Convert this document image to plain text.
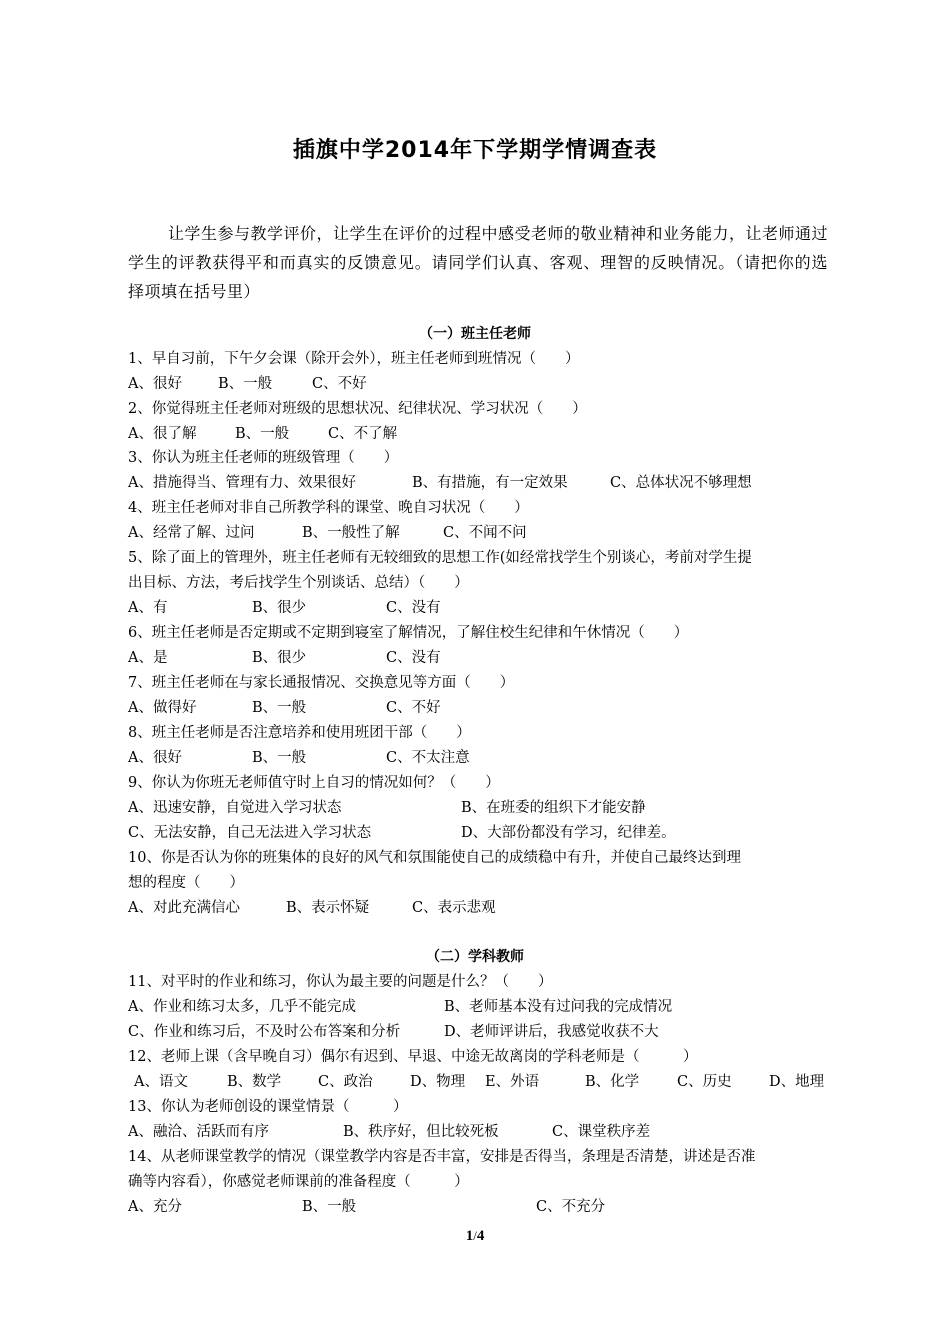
插旗中学2014年下学期学情调查表
让学生参与教学评价，让学生在评价的过程中感受老师的敬业精神和业务能力，让老师通过学生的评教获得平和而真实的反馈意见。请同学们认真、客观、理智的反映情况。（请把你的选择项填在括号里）
（一）班主任老师
1、早自习前，下午夕会课（除开会外），班主任老师到班情况（　　）
A、很好 B、一般	C、不好
2、你觉得班主任老师对班级的思想状况、纪律状况、学习状况（　　）
A、很了解	B、一般	C、不了解
3、你认为班主任老师的班级管理（　　）
A、措施得当、管理有力、效果很好	B、有措施，有一定效果	C、总体状况不够理想
4、班主任老师对非自己所教学科的课堂、晚自习状况（　　）
A、经常了解、过问	B、一般性了解	C、不闻不问
5、除了面上的管理外，班主任老师有无较细致的思想工作(如经常找学生个别谈心，考前对学生提
出目标、方法，考后找学生个别谈话、总结）（　　）
A、有	B、很少	C、没有
6、班主任老师是否定期或不定期到寝室了解情况，了解住校生纪律和午休情况（　　）
A、是	B、很少	C、没有
7、班主任老师在与家长通报情况、交换意见等方面（　　）
A、做得好	B、一般	C、不好
8、班主任老师是否注意培养和使用班团干部（　　）
A、很好	B、一般	C、不太注意
9、你认为你班无老师值守时上自习的情况如何？（　　）
A、迅速安静，自觉进入学习状态	B、在班委的组织下才能安静
C、无法安静，自己无法进入学习状态	D、大部份都没有学习，纪律差。
10、你是否认为你的班集体的良好的风气和氛围能使自己的成绩稳中有升，并使自己最终达到理
想的程度（　　）
A、对此充满信心	B、表示怀疑	C、表示悲观
（二）学科教师
11、对平时的作业和练习，你认为最主要的问题是什么？（　　）
A、作业和练习太多，几乎不能完成	B、老师基本没有过问我的完成情况
C、作业和练习后，不及时公布答案和分析	D、老师评讲后，我感觉收获不大
12、老师上课（含早晚自习）偶尔有迟到、早退、中途无故离岗的学科老师是（　　　）
A、语文	B、数学	C、政治	D、物理 E、外语	B、化学	C、历史	D、地理
13、你认为老师创设的课堂情景（　　　）
A、融洽、活跃而有序	B、秩序好，但比较死板	C、课堂秩序差
14、从老师课堂教学的情况（课堂教学内容是否丰富，安排是否得当，条理是否清楚，讲述是否准
确等内容看），你感觉老师课前的准备程度（　　　）
A、充分	B、一般	C、不充分
1/4
